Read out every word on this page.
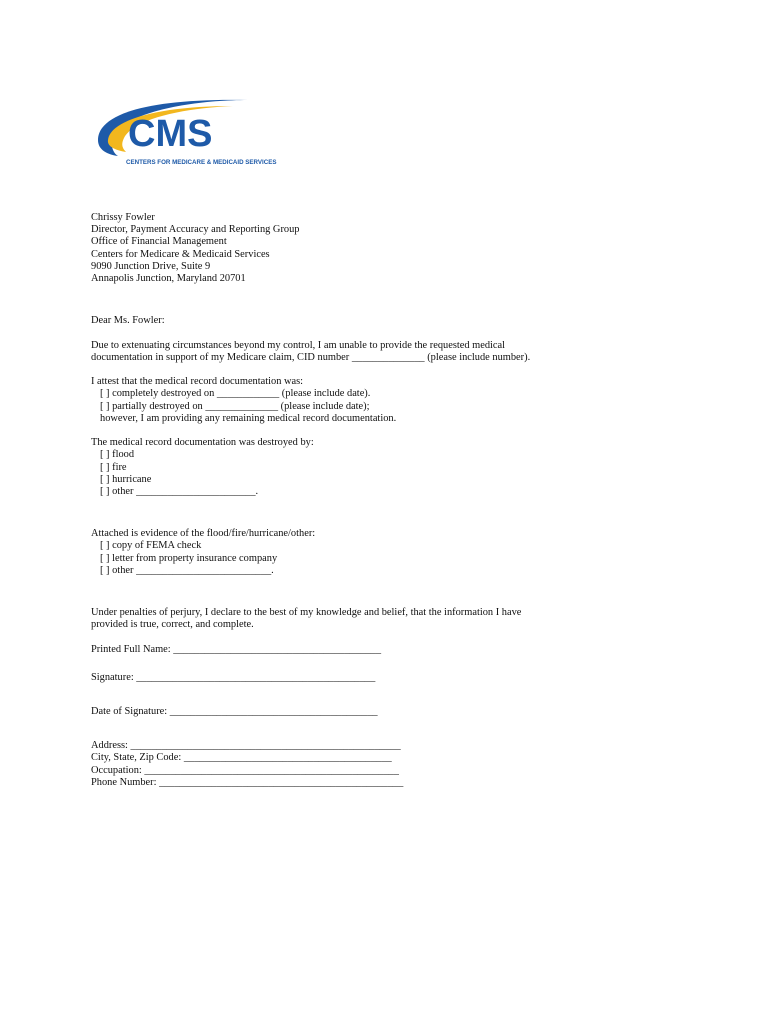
CMS
CENTERS FOR MEDICARE & MEDICAID SERVICES
Chrissy Fowler
Director, Payment Accuracy and Reporting Group
Office of Financial Management
Centers for Medicare & Medicaid Services
9090 Junction Drive, Suite 9
Annapolis Junction, Maryland 20701
Dear Ms. Fowler:
Due to extenuating circumstances beyond my control, I am unable to provide the requested medical
documentation in support of my Medicare claim, CID number ______________ (please include number).
I attest that the medical record documentation was:
[ ] completely destroyed on ____________ (please include date).
[ ] partially destroyed on ______________ (please include date);
however, I am providing any remaining medical record documentation.
The medical record documentation was destroyed by:
[ ] flood
[ ] fire
[ ] hurricane
[ ] other _______________________.
Attached is evidence of the flood/fire/hurricane/other:
[ ] copy of FEMA check
[ ] letter from property insurance company
[ ] other __________________________.
Under penalties of perjury, I declare to the best of my knowledge and belief, that the information I have
provided is true, correct, and complete.
Printed Full Name: ________________________________________
Signature: ______________________________________________
Date of Signature: ________________________________________
Address: ____________________________________________________
City, State, Zip Code: ________________________________________
Occupation: _________________________________________________
Phone Number: _______________________________________________
